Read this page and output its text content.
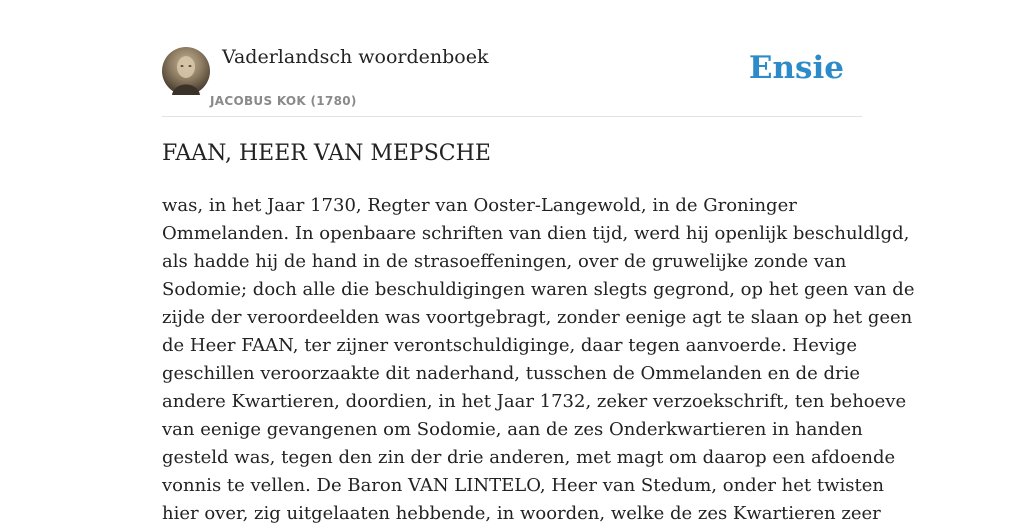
Vaderlandsch woordenboek
JACOBUS KOK (1780)
Ensie
FAAN, HEER VAN MEPSCHE

was, in het Jaar 1730, Regter van Ooster-Langewold, in de Groninger
Ommelanden. In openbaare schriften van dien tijd, werd hij openlijk beschuldlgd,
als hadde hij de hand in de strasoeffeningen, over de gruwelijke zonde van
Sodomie; doch alle die beschuldigingen waren slegts gegrond, op het geen van de
zijde der veroordeelden was voortgebragt, zonder eenige agt te slaan op het geen
de Heer FAAN, ter zijner verontschuldiginge, daar tegen aanvoerde. Hevige
geschillen veroorzaakte dit naderhand, tusschen de Ommelanden en de drie
andere Kwartieren, doordien, in het Jaar 1732, zeker verzoekschrift, ten behoeve
van eenige gevangenen om Sodomie, aan de zes Onderkwartieren in handen
gesteld was, tegen den zin der drie anderen, met magt om daarop een afdoende
vonnis te vellen. De Baron VAN LINTELO, Heer van Stedum, onder het twisten
hier over, zig uitgelaaten hebbende, in woorden, welke de zes Kwartieren zeer
